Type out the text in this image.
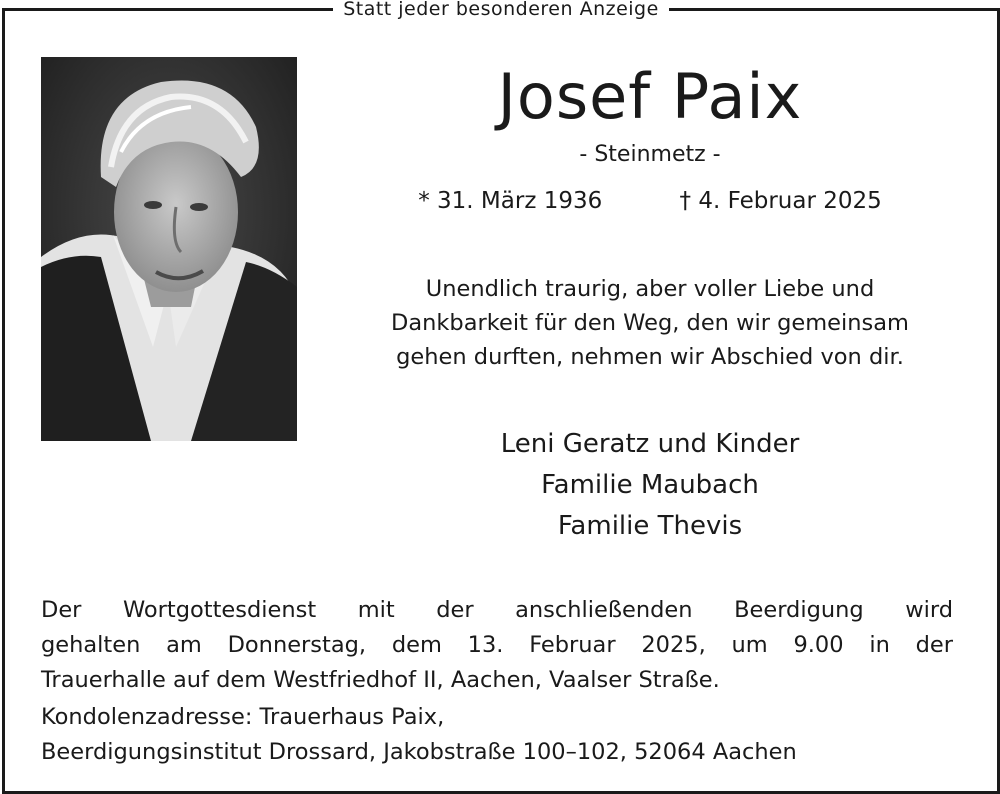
Statt jeder besonderen Anzeige
Josef Paix
- Steinmetz -
* 31. März 1936	† 4. Februar 2025
Unendlich traurig, aber voller Liebe und
Dankbarkeit für den Weg, den wir gemeinsam
gehen durften, nehmen wir Abschied von dir.
Leni Geratz und Kinder
Familie Maubach
Familie Thevis
Der Wortgottesdienst mit der anschließenden Beerdigung wird
gehalten am Donnerstag, dem 13. Februar 2025, um 9.00 in der
Trauerhalle auf dem Westfriedhof II, Aachen, Vaalser Straße.
Kondolenzadresse: Trauerhaus Paix,
Beerdigungsinstitut Drossard, Jakobstraße 100–102, 52064 Aachen
